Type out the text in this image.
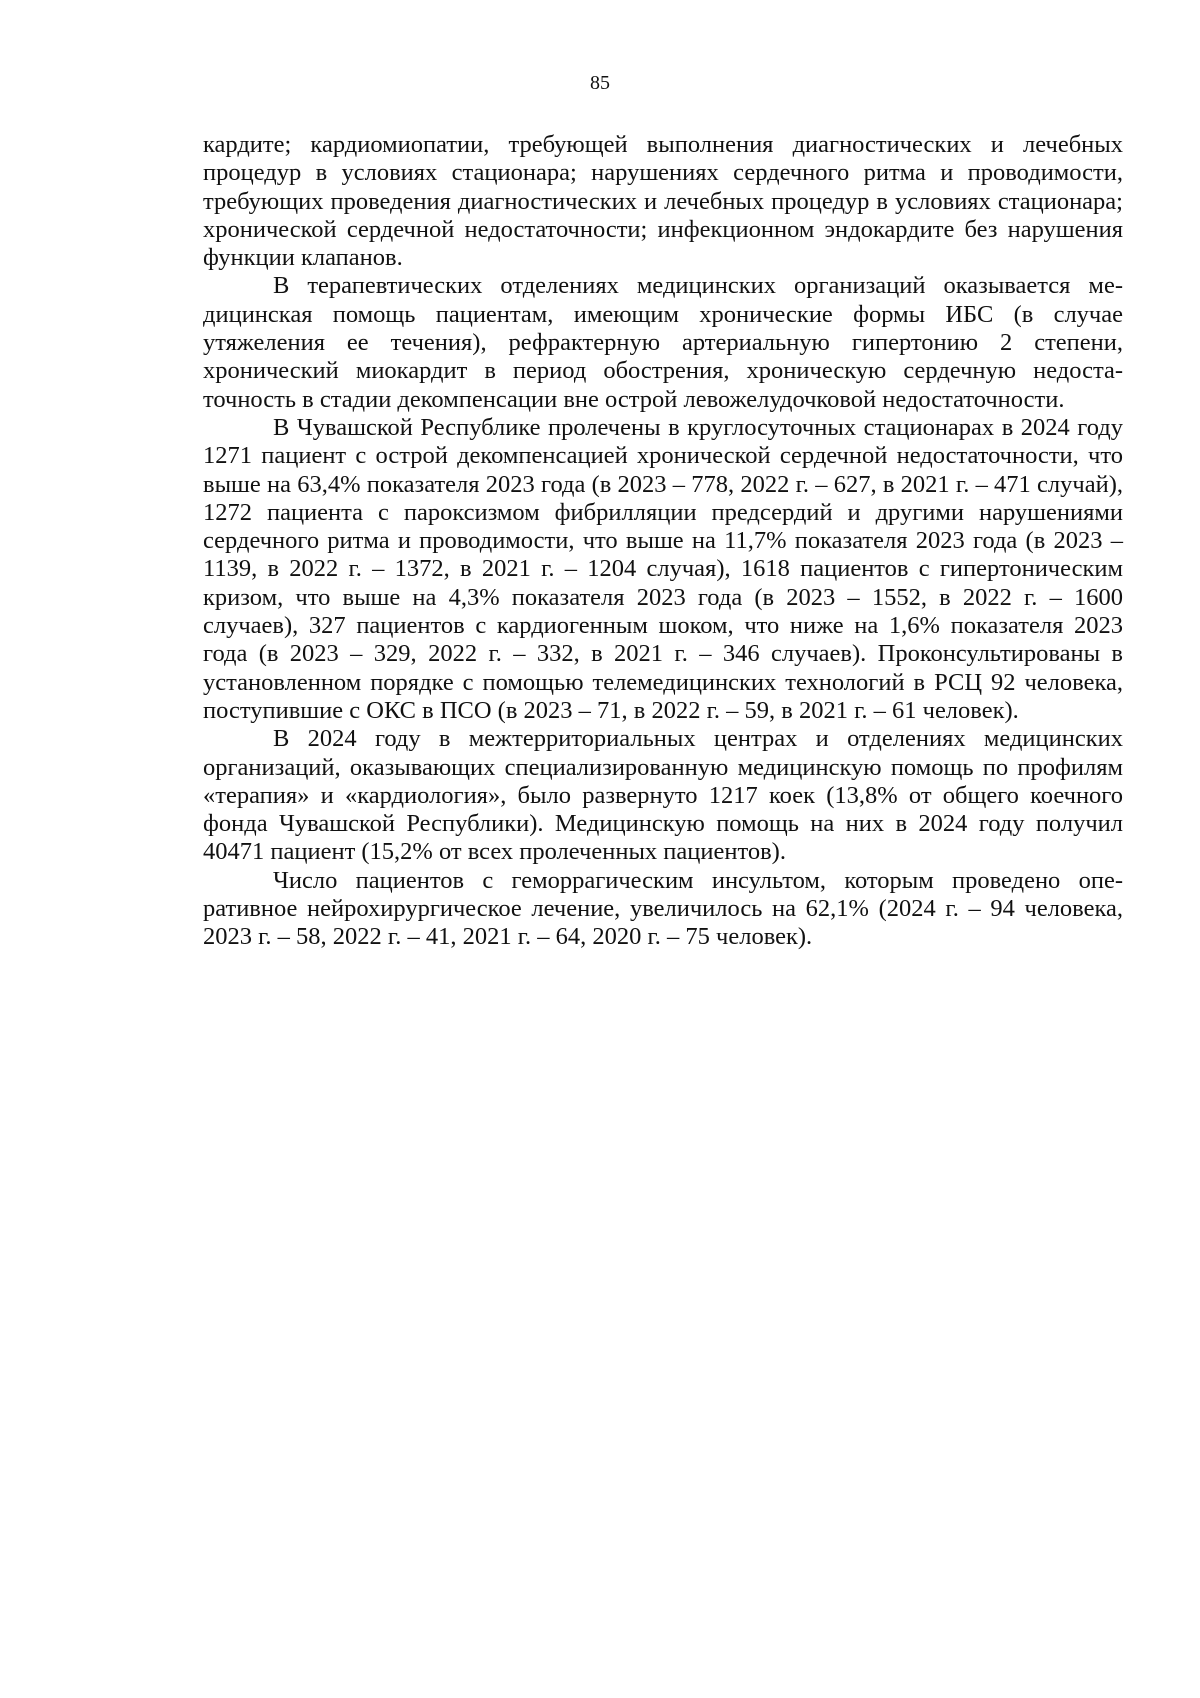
85

кардите; кардиомиопатии, требующей выполнения диагностических и лечебных процедур в условиях стационара; нарушениях сердечного ритма и проводимости, требующих проведения диагностических и лечебных процедур в условиях стационара; хронической сердечной недостаточности; инфекционном эндокардите без нарушения функции клапанов.

В терапевтических отделениях медицинских организаций оказывается медицинская помощь пациентам, имеющим хронические формы ИБС (в случае утяжеления ее течения), рефрактерную артериальную гипертонию 2 степени, хронический миокардит в период обострения, хроническую сердечную недостаточность в стадии декомпенсации вне острой левожелудочковой недостаточности.

В Чувашской Республике пролечены в круглосуточных стационарах в 2024 году 1271 пациент с острой декомпенсацией хронической сердечной недостаточности, что выше на 63,4% показателя 2023 года (в 2023 – 778, 2022 г. – 627, в 2021 г. – 471 случай), 1272 пациента с пароксизмом фибрилляции предсердий и другими нарушениями сердечного ритма и проводимости, что выше на 11,7% показателя 2023 года (в 2023 – 1139, в 2022 г. – 1372, в 2021 г. – 1204 случая), 1618 пациентов с гипертоническим кризом, что выше на 4,3% показателя 2023 года (в 2023 – 1552, в 2022 г. – 1600 случаев), 327 пациентов с кардиогенным шоком, что ниже на 1,6% показателя 2023 года (в 2023 – 329, 2022 г. – 332, в 2021 г. – 346 случаев). Проконсультированы в установленном порядке с помощью телемедицинских технологий в РСЦ 92 человека, поступившие с ОКС в ПСО (в 2023 – 71, в 2022 г. – 59, в 2021 г. – 61 человек).

В 2024 году в межтерриториальных центрах и отделениях медицинских организаций, оказывающих специализированную медицинскую помощь по профилям «терапия» и «кардиология», было развернуто 1217 коек (13,8% от общего коечного фонда Чувашской Республики). Медицинскую помощь на них в 2024 году получил 40471 пациент (15,2% от всех пролеченных пациентов).

Число пациентов с геморрагическим инсультом, которым проведено оперативное нейрохирургическое лечение, увеличилось на 62,1% (2024 г. – 94 человека, 2023 г. – 58, 2022 г. – 41, 2021 г. – 64, 2020 г. – 75 человек).
